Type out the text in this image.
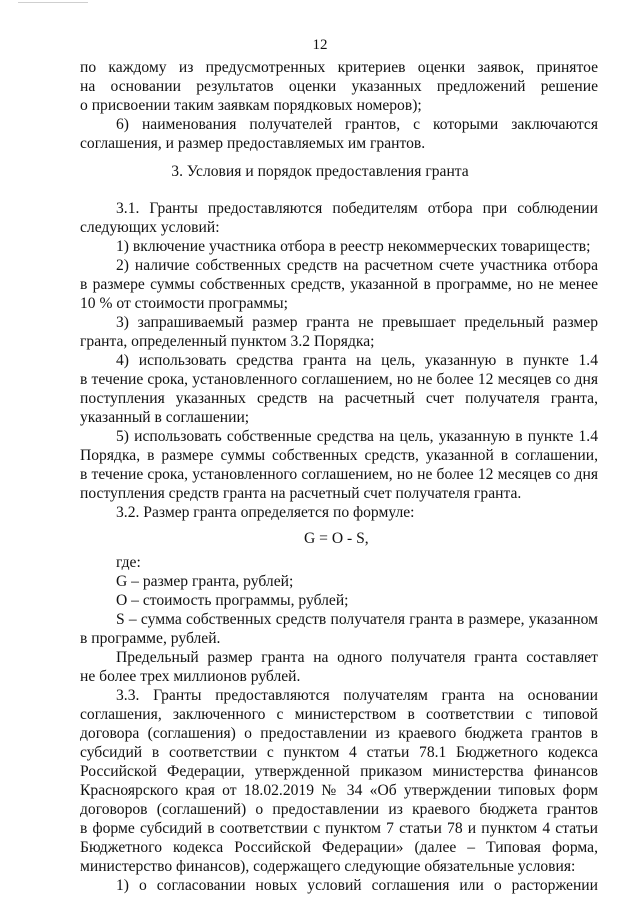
12
по каждому из предусмотренных критериев оценки заявок, принятое
на основании результатов оценки указанных предложений решение
о присвоении таким заявкам порядковых номеров);
6) наименования получателей грантов, с которыми заключаются
соглашения, и размер предоставляемых им грантов.
3. Условия и порядок предоставления гранта
3.1. Гранты предоставляются победителям отбора при соблюдении
следующих условий:
1) включение участника отбора в реестр некоммерческих товариществ;
2) наличие собственных средств на расчетном счете участника отбора
в размере суммы собственных средств, указанной в программе, но не менее
10 % от стоимости программы;
3) запрашиваемый размер гранта не превышает предельный размер
гранта, определенный пунктом 3.2 Порядка;
4) использовать средства гранта на цель, указанную в пункте 1.4
в течение срока, установленного соглашением, но не более 12 месяцев со дня
поступления указанных средств на расчетный счет получателя гранта,
указанный в соглашении;
5) использовать собственные средства на цель, указанную в пункте 1.4
Порядка, в размере суммы собственных средств, указанной в соглашении,
в течение срока, установленного соглашением, но не более 12 месяцев со дня
поступления средств гранта на расчетный счет получателя гранта.
3.2. Размер гранта определяется по формуле:
G = O - S,
где:
G – размер гранта, рублей;
O – стоимость программы, рублей;
S – сумма собственных средств получателя гранта в размере, указанном
в программе, рублей.
Предельный размер гранта на одного получателя гранта составляет
не более трех миллионов рублей.
3.3. Гранты предоставляются получателям гранта на основании
соглашения, заключенного с министерством в соответствии с типовой
договора (соглашения) о предоставлении из краевого бюджета грантов в
субсидий в соответствии с пунктом 4 статьи 78.1 Бюджетного кодекса
Российской Федерации, утвержденной приказом министерства финансов
Красноярского края от 18.02.2019 № 34 «Об утверждении типовых форм
договоров (соглашений) о предоставлении из краевого бюджета грантов
в форме субсидий в соответствии с пунктом 7 статьи 78 и пунктом 4 статьи
Бюджетного кодекса Российской Федерации» (далее – Типовая форма,
министерство финансов), содержащего следующие обязательные условия:
1) о согласовании новых условий соглашения или о расторжении
